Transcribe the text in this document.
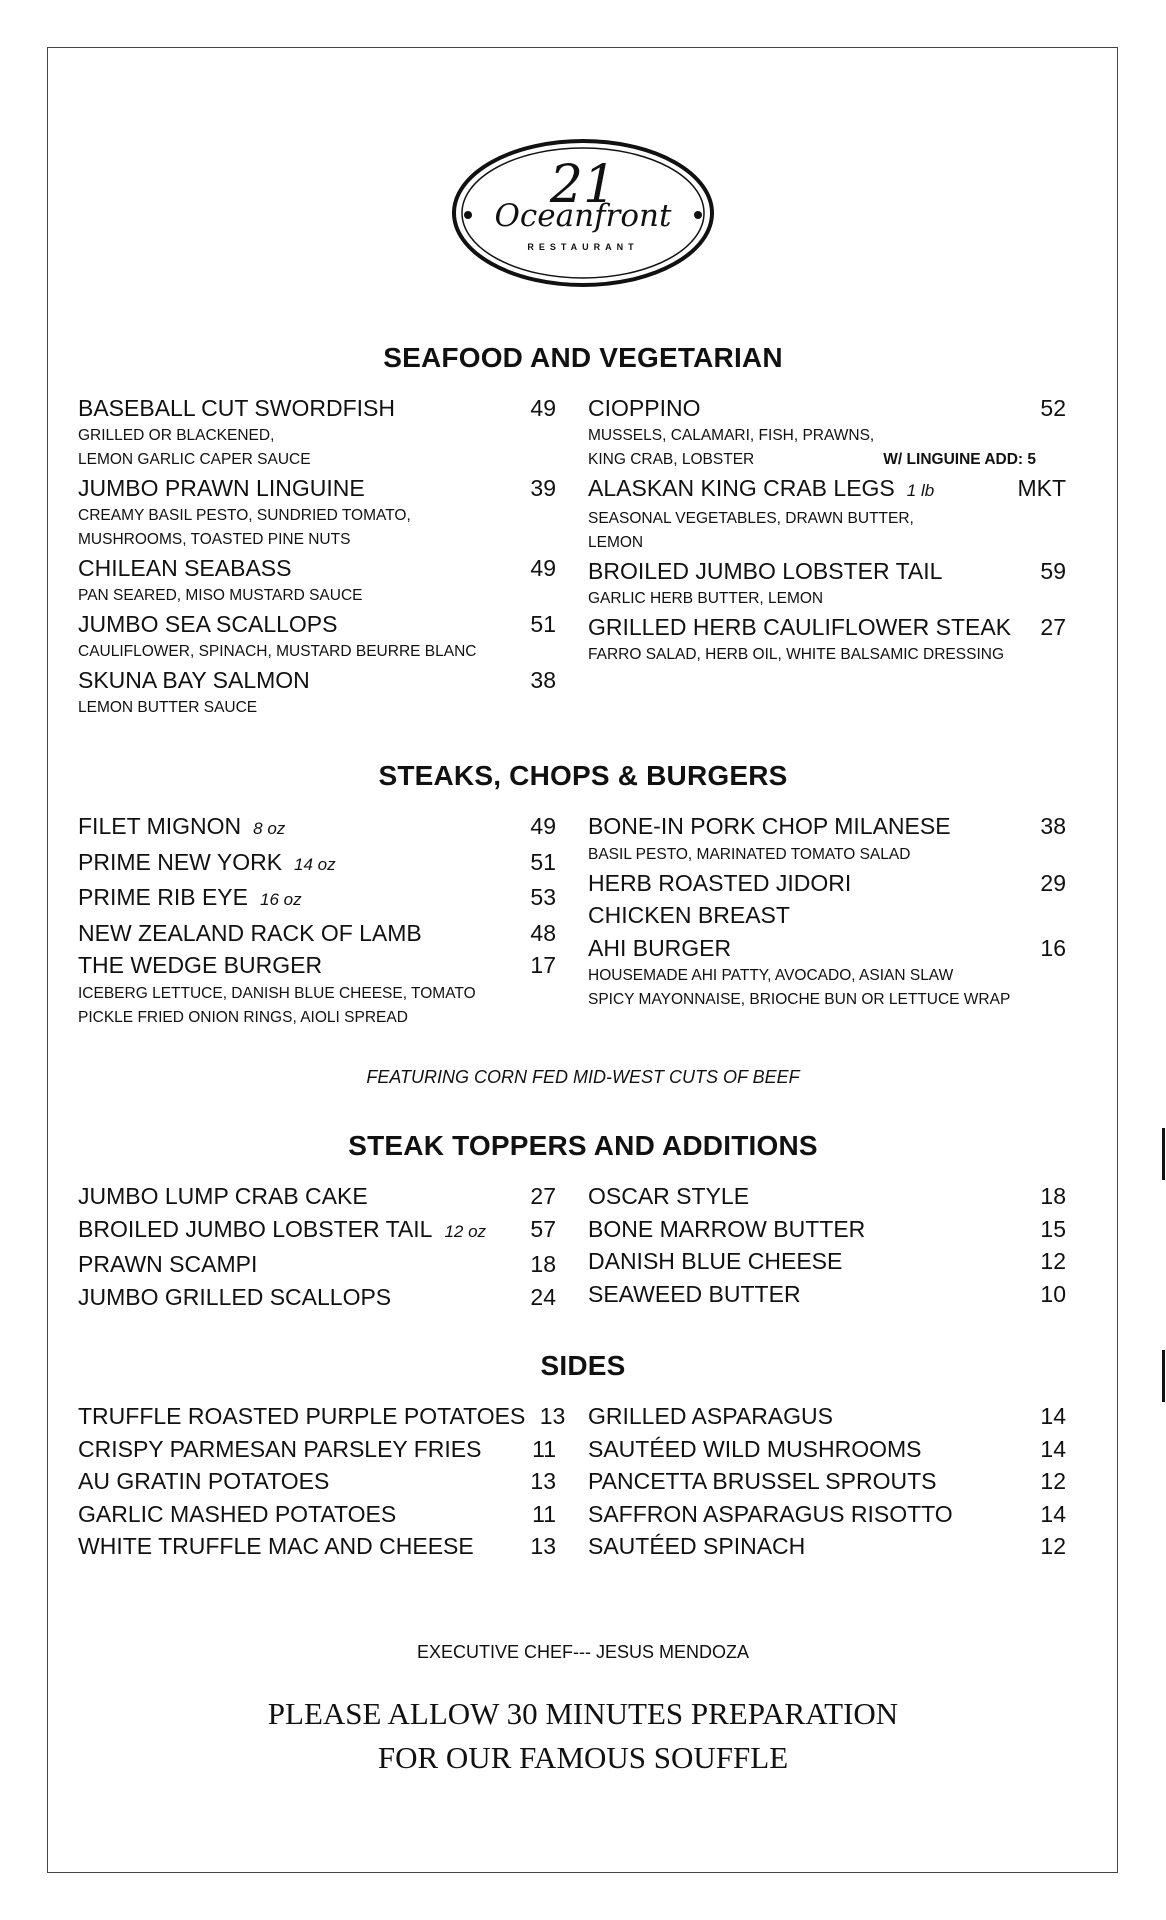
21
Oceanfront
RESTAURANT
SEAFOOD AND VEGETARIAN
BASEBALL CUT SWORDFISH	49
GRILLED OR BLACKENED,
LEMON GARLIC CAPER SAUCE
JUMBO PRAWN LINGUINE	39
CREAMY BASIL PESTO, SUNDRIED TOMATO,
MUSHROOMS, TOASTED PINE NUTS
CHILEAN SEABASS	49
PAN SEARED, MISO MUSTARD SAUCE
JUMBO SEA SCALLOPS	51
CAULIFLOWER, SPINACH, MUSTARD BEURRE BLANC
SKUNA BAY SALMON	38
LEMON BUTTER SAUCE
CIOPPINO	52
MUSSELS, CALAMARI, FISH, PRAWNS,
KING CRAB, LOBSTER	W/ LINGUINE ADD: 5
ALASKAN KING CRAB LEGS 1 lb	MKT
SEASONAL VEGETABLES, DRAWN BUTTER,
LEMON
BROILED JUMBO LOBSTER TAIL	59
GARLIC HERB BUTTER, LEMON
GRILLED HERB CAULIFLOWER STEAK	27
FARRO SALAD, HERB OIL, WHITE BALSAMIC DRESSING
STEAKS, CHOPS & BURGERS
FILET MIGNON 8 oz	49
PRIME NEW YORK 14 oz	51
PRIME RIB EYE 16 oz	53
NEW ZEALAND RACK OF LAMB	48
THE WEDGE BURGER	17
ICEBERG LETTUCE, DANISH BLUE CHEESE, TOMATO
PICKLE FRIED ONION RINGS, AIOLI SPREAD
BONE-IN PORK CHOP MILANESE	38
BASIL PESTO, MARINATED TOMATO SALAD
HERB ROASTED JIDORI	29
CHICKEN BREAST
AHI BURGER	16
HOUSEMADE AHI PATTY, AVOCADO, ASIAN SLAW
SPICY MAYONNAISE, BRIOCHE BUN OR LETTUCE WRAP
FEATURING CORN FED MID-WEST CUTS OF BEEF
STEAK TOPPERS AND ADDITIONS
JUMBO LUMP CRAB CAKE	27
BROILED JUMBO LOBSTER TAIL 12 oz	57
PRAWN SCAMPI	18
JUMBO GRILLED SCALLOPS	24
OSCAR STYLE	18
BONE MARROW BUTTER	15
DANISH BLUE CHEESE	12
SEAWEED BUTTER	10
SIDES
TRUFFLE ROASTED PURPLE POTATOES 13
CRISPY PARMESAN PARSLEY FRIES	11
AU GRATIN POTATOES	13
GARLIC MASHED POTATOES	11
WHITE TRUFFLE MAC AND CHEESE	13
GRILLED ASPARAGUS	14
SAUTÉED WILD MUSHROOMS	14
PANCETTA BRUSSEL SPROUTS	12
SAFFRON ASPARAGUS RISOTTO	14
SAUTÉED SPINACH	12
EXECUTIVE CHEF--- JESUS MENDOZA
PLEASE ALLOW 30 MINUTES PREPARATION
FOR OUR FAMOUS SOUFFLE
